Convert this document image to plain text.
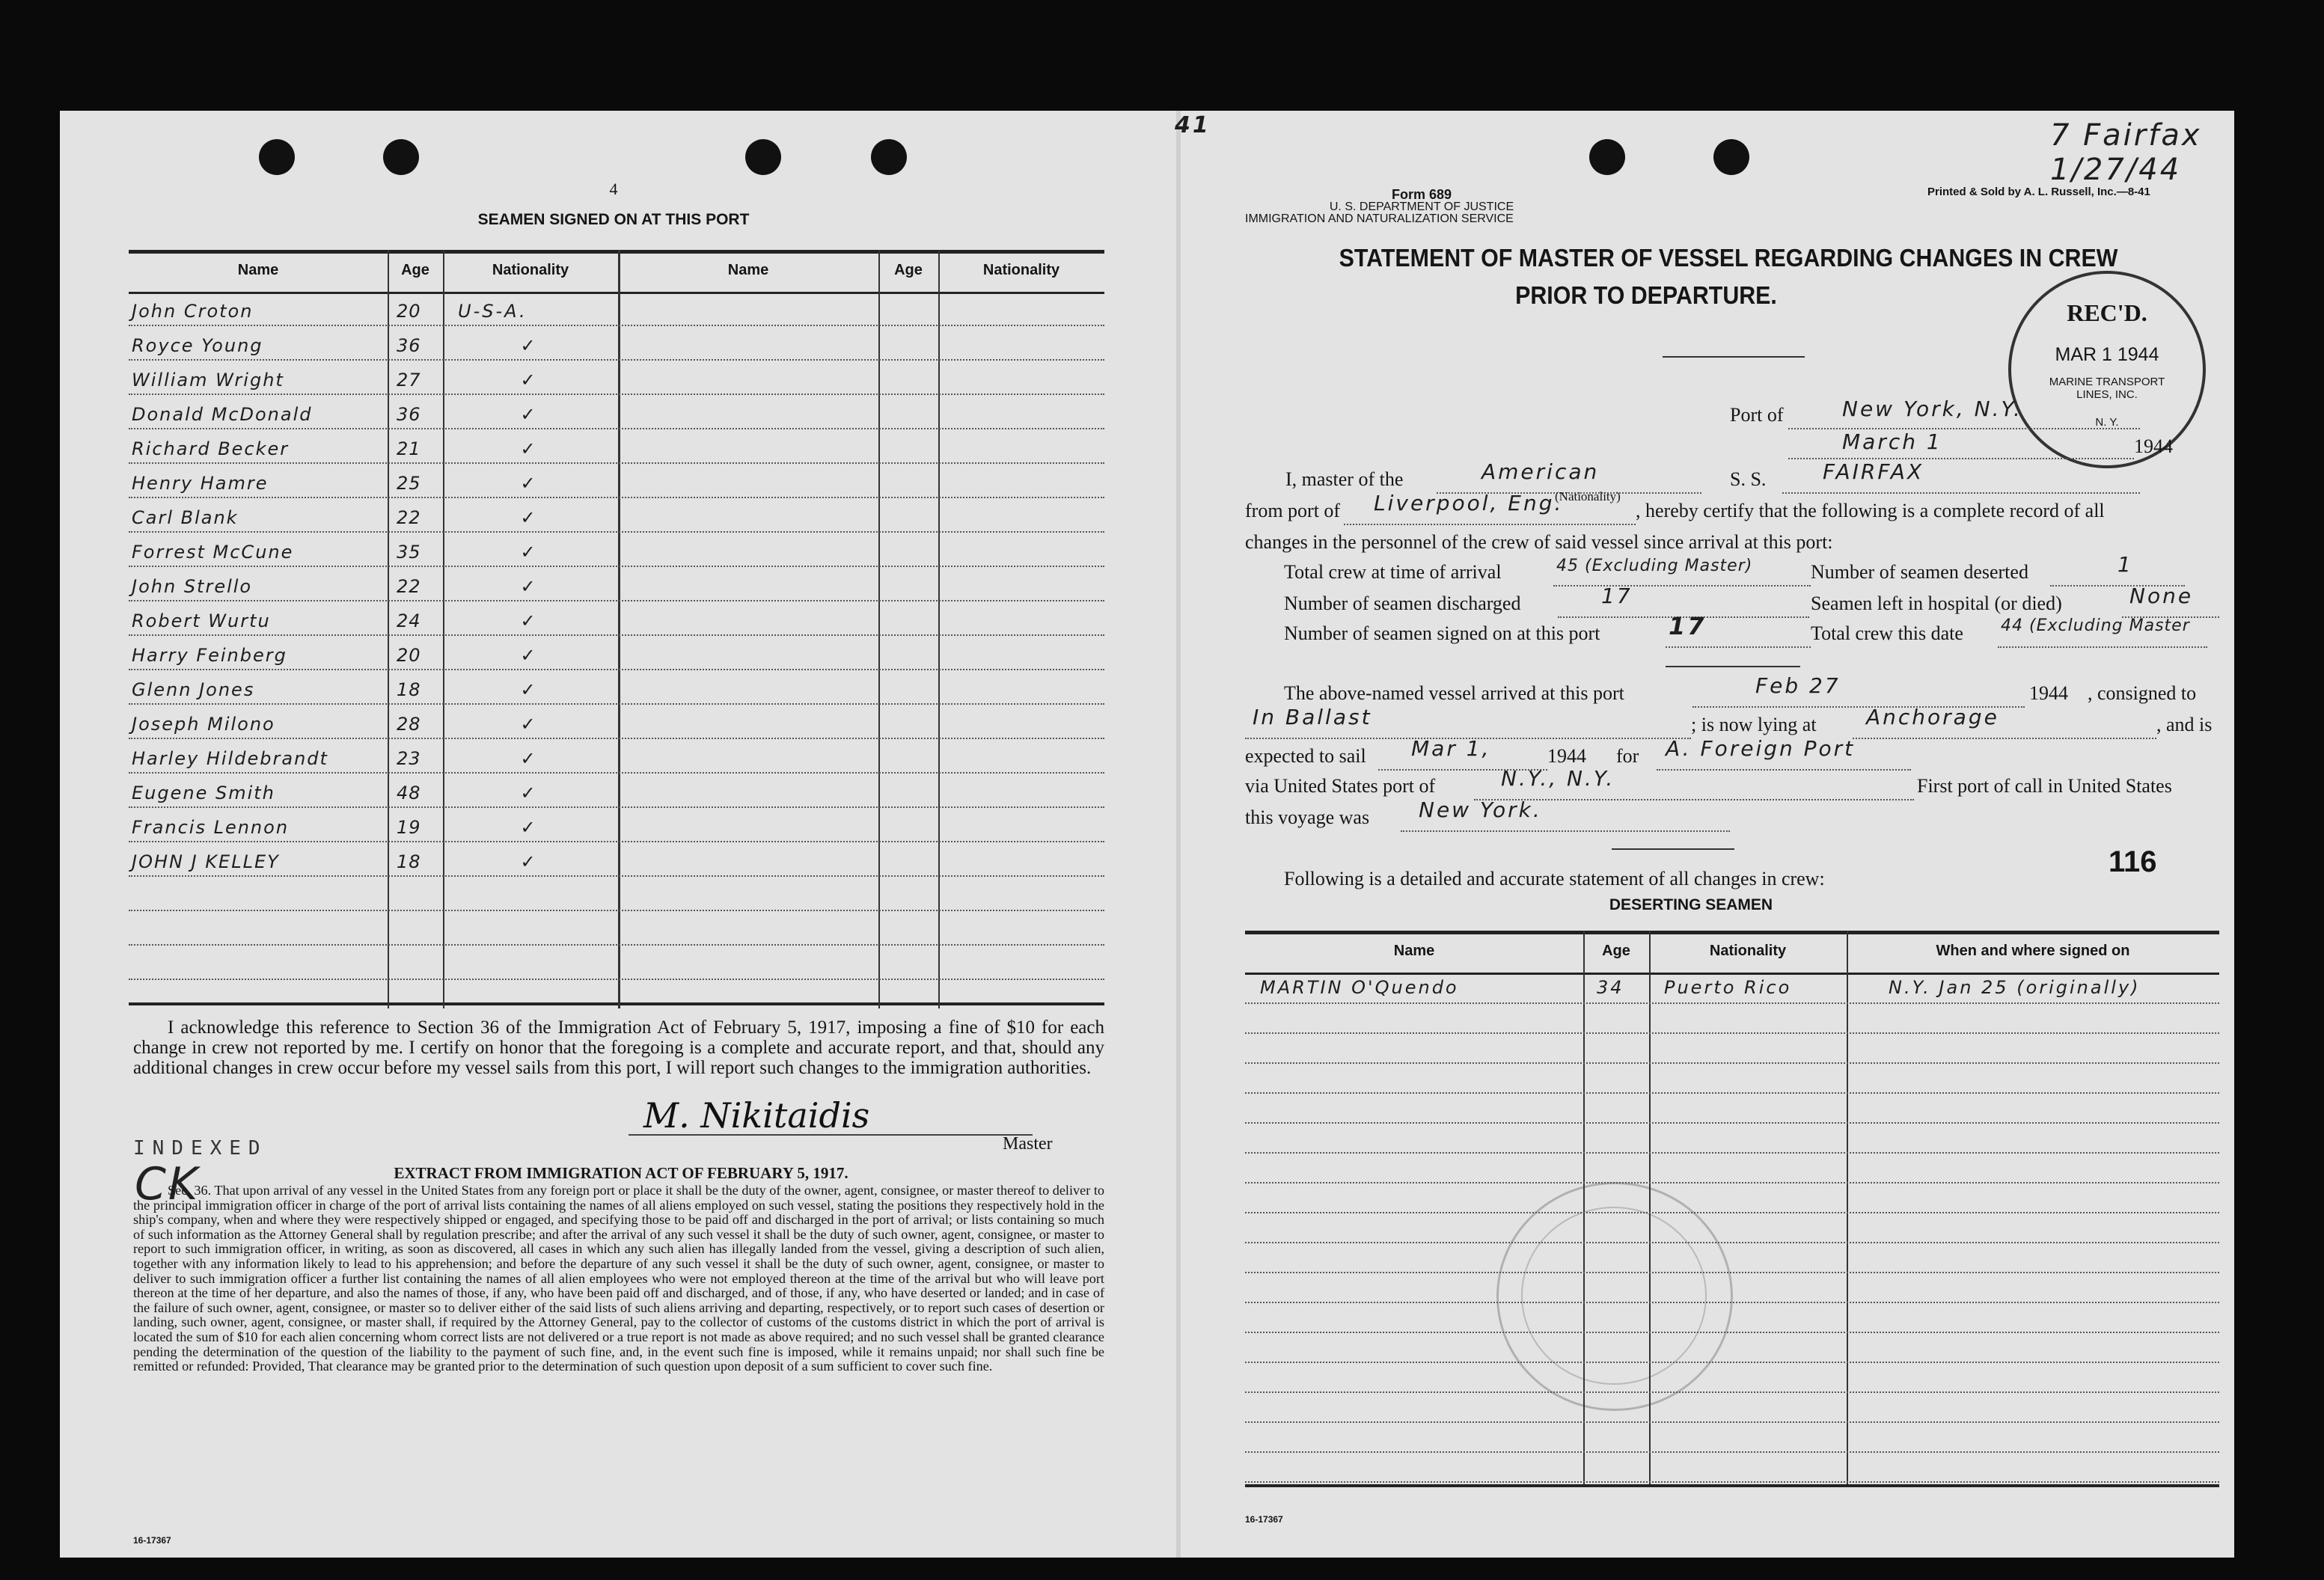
41
4
SEAMEN SIGNED ON AT THIS PORT
Name	Age	Nationality	Name	Age	Nationality
John Croton	20	U-S-A.
Royce Young	36	✓
William Wright	27	✓
Donald McDonald	36	✓
Richard Becker	21	✓
Henry Hamre	25	✓
Carl Blank	22	✓
Forrest McCune	35	✓
John Strello	22	✓
Robert Wurtu	24	✓
Harry Feinberg	20	✓
Glenn Jones	18	✓
Joseph Milono	28	✓
Harley Hildebrandt	23	✓
Eugene Smith	48	✓
Francis Lennon	19	✓
JOHN J KELLEY	18	✓
I acknowledge this reference to Section 36 of the Immigration Act of February 5, 1917, imposing a fine of $10 for each change in crew not reported by me. I certify on honor that the foregoing is a complete and accurate report, and that, should any additional changes in crew occur before my vessel sails from this port, I will report such changes to the immigration authorities.
M. Nikitaidis
Master
INDEXED
CK	EXTRACT FROM IMMIGRATION ACT OF FEBRUARY 5, 1917.
Sec. 36. That upon arrival of any vessel in the United States from any foreign port or place it shall be the duty of the owner, agent, consignee, or master thereof to deliver to the principal immigration officer in charge of the port of arrival lists containing the names of all aliens employed on such vessel, stating the positions they respectively hold in the ship's company, when and where they were respectively shipped or engaged, and specifying those to be paid off and discharged in the port of arrival; or lists containing so much of such information as the Attorney General shall by regulation prescribe; and after the arrival of any such vessel it shall be the duty of such owner, agent, consignee, or master to report to such immigration officer, in writing, as soon as discovered, all cases in which any such alien has illegally landed from the vessel, giving a description of such alien, together with any information likely to lead to his apprehension; and before the departure of any such vessel it shall be the duty of such owner, agent, consignee, or master to deliver to such immigration officer a further list containing the names of all alien employees who were not employed thereon at the time of the arrival but who will leave port thereon at the time of her departure, and also the names of those, if any, who have been paid off and discharged, and of those, if any, who have deserted or landed; and in case of the failure of such owner, agent, consignee, or master so to deliver either of the said lists of such aliens arriving and departing, respectively, or to report such cases of desertion or landing, such owner, agent, consignee, or master shall, if required by the Attorney General, pay to the collector of customs of the customs district in which the port of arrival is located the sum of $10 for each alien concerning whom correct lists are not delivered or a true report is not made as above required; and no such vessel shall be granted clearance pending the determination of the question of the liability to the payment of such fine, and, in the event such fine is imposed, while it remains unpaid; nor shall such fine be remitted or refunded: Provided, That clearance may be granted prior to the determination of such question upon deposit of a sum sufficient to cover such fine.
16-17367
7 Fairfax 1/27/44
Form 689
U. S. DEPARTMENT OF JUSTICE
IMMIGRATION AND NATURALIZATION SERVICE
Printed & Sold by A. L. Russell, Inc.—8-41
STATEMENT OF MASTER OF VESSEL REGARDING CHANGES IN CREW
PRIOR TO DEPARTURE.
REC'D.
MAR 1 1944
MARINE TRANSPORT LINES, INC.
N. Y.
Port of	New York, N.Y.
March 1	1944
I, master of the	American
(Nationality)
S. S.	FAIRFAX
from port of Liverpool, Eng.	, hereby certify that the following is a complete record of all
changes in the personnel of the crew of said vessel since arrival at this port:
Total crew at time of arrival	45 (Excluding Master)	Number of seamen deserted	1
Number of seamen discharged	17	Seamen left in hospital (or died)	None
Number of seamen signed on at this port	17	Total crew this date 44 (Excluding Master
The above-named vessel arrived at this port	Feb 27	1944 , consigned to
In Ballast	; is now lying at Anchorage	, and is
expected to sail Mar 1,	1944 for A. Foreign Port
via United States port of	N.Y., N.Y.	First port of call in United States
this voyage was New York.
116
Following is a detailed and accurate statement of all changes in crew:
DESERTING SEAMEN
Name	Age	Nationality	When and where signed on
MARTIN O'Quendo	34	Puerto Rico	N.Y. Jan 25 (originally)
16-17367
